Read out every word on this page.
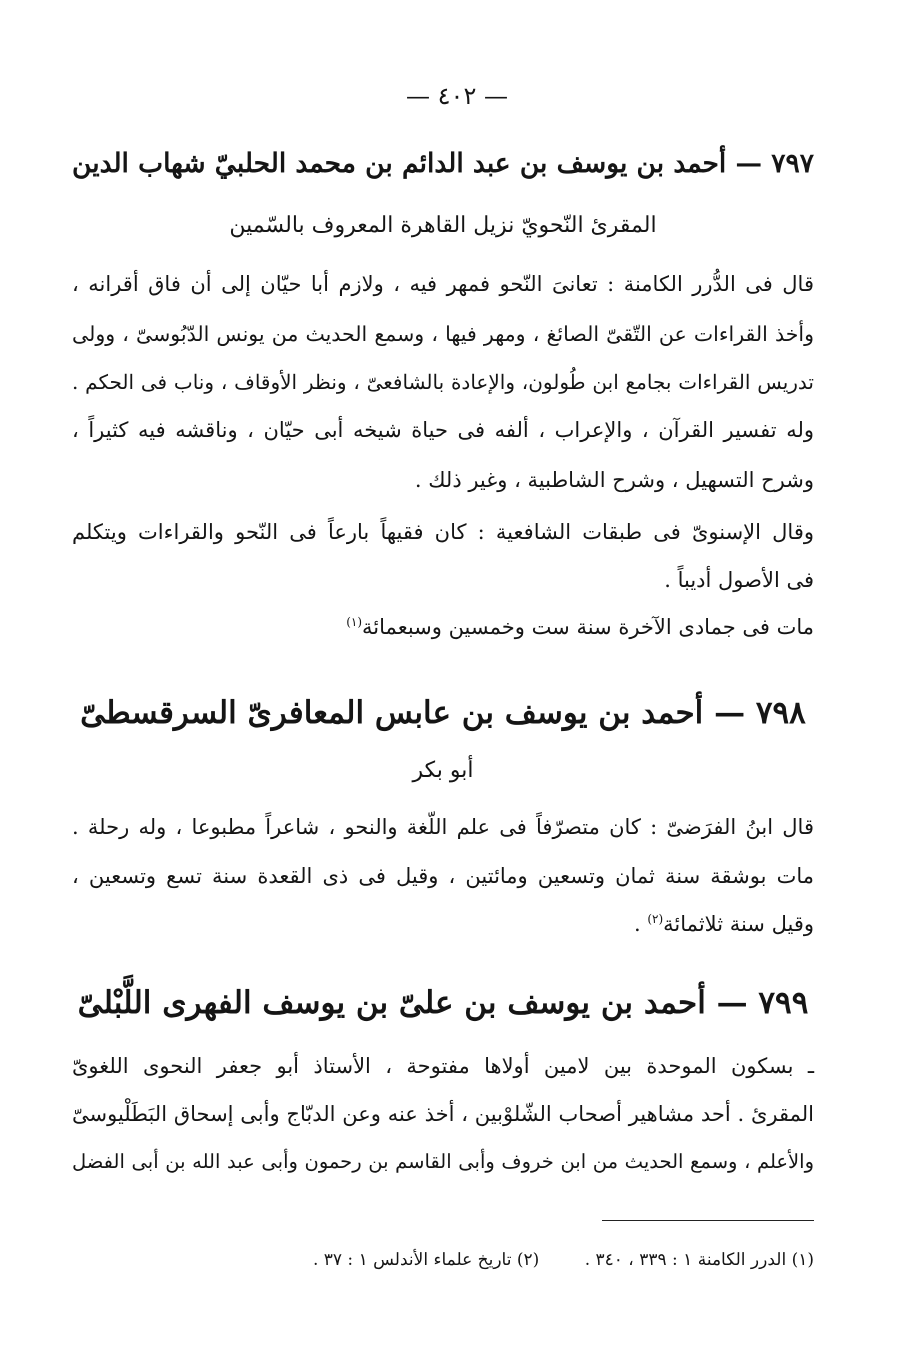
— ٤٠٢ —
٧٩٧ — أحمد بن يوسف بن عبد الدائم بن محمد الحلبيّ شهاب الدين
المقرئ النّحويّ نزيل القاهرة المعروف بالسّمين
قال فى الدُّرر الكامنة : تعانىَ النّحو فمهر فيه ، ولازم أبا حيّان إلى أن فاق أقرانه ،
وأخذ القراءات عن التّقىّ الصائغ ، ومهر فيها ، وسمع الحديث من يونس الدّبُوسىّ ، وولى
تدريس القراءات بجامع ابن طُولون، والإعادة بالشافعىّ ، ونظر الأوقاف ، وناب فى الحكم .
وله تفسير القرآن ، والإعراب ، ألفه فى حياة شيخه أبى حيّان ، وناقشه فيه كثيراً ،
وشرح التسهيل ، وشرح الشاطبية ، وغير ذلك .
وقال الإسنوىّ فى طبقات الشافعية : كان فقيهاً بارعاً فى النّحو والقراءات ويتكلم
فى الأصول أديباً .
مات فى جمادى الآخرة سنة ست وخمسين وسبعمائة$^{(١)}$
٧٩٨ — أحمد بن يوسف بن عابس المعافرىّ السرقسطىّ
أبو بكر
قال ابنُ الفرَضىّ : كان متصرّفاً فى علم اللّغة والنحو ، شاعراً مطبوعا ، وله رحلة .
مات بوشقة سنة ثمان وتسعين ومائتين ، وقيل فى ذى القعدة سنة تسع وتسعين ،
وقيل سنة ثلاثمائة$^{(٢)}$ .
٧٩٩ — أحمد بن يوسف بن علىّ بن يوسف الفهرى اللَّبْلىّ
ـ بسكون الموحدة بين لامين أولاها مفتوحة ، الأستاذ أبو جعفر النحوى اللغوىّ
المقرئ . أحد مشاهير أصحاب الشّلوْبين ، أخذ عنه وعن الدبّاج وأبى إسحاق البَطَلْيوسىّ
والأعلم ، وسمع الحديث من ابن خروف وأبى القاسم بن رحمون وأبى عبد الله بن أبى الفضل
(١) الدرر الكامنة ١ : ٣٣٩ ، ٣٤٠ . (٢) تاريخ علماء الأندلس ١ : ٣٧ .
